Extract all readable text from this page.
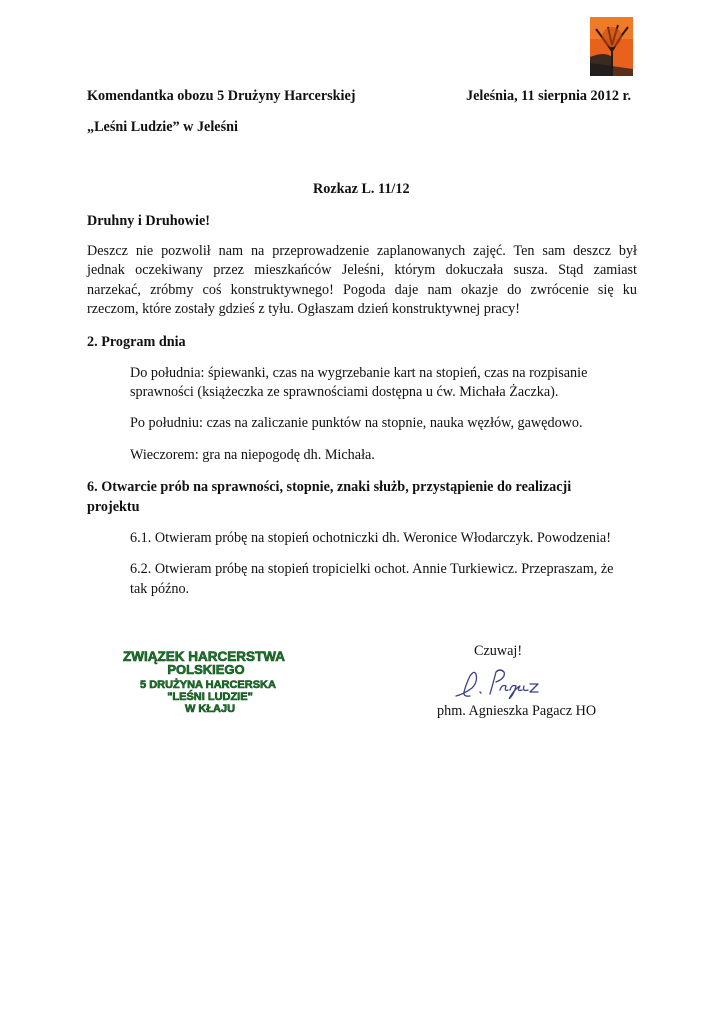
Komendantka obozu 5 Drużyny Harcerskiej	Jeleśnia, 11 sierpnia 2012 r.
„Leśni Ludzie” w Jeleśni
Rozkaz L. 11/12
Druhny i Druhowie!
Deszcz nie pozwolił nam na przeprowadzenie zaplanowanych zajęć. Ten sam deszcz był
jednak oczekiwany przez mieszkańców Jeleśni, którym dokuczała susza. Stąd zamiast
narzekać, zróbmy coś konstruktywnego! Pogoda daje nam okazje do zwrócenie się ku
rzeczom, które zostały gdzieś z tyłu. Ogłaszam dzień konstruktywnej pracy!
2. Program dnia
Do południa: śpiewanki, czas na wygrzebanie kart na stopień, czas na rozpisanie
sprawności (książeczka ze sprawnościami dostępna u ćw. Michała Żaczka).
Po południu: czas na zaliczanie punktów na stopnie, nauka węzłów, gawędowo.
Wieczorem: gra na niepogodę dh. Michała.
6. Otwarcie prób na sprawności, stopnie, znaki służb, przystąpienie do realizacji
projektu
6.1. Otwieram próbę na stopień ochotniczki dh. Weronice Włodarczyk. Powodzenia!
6.2. Otwieram próbę na stopień tropicielki ochot. Annie Turkiewicz. Przepraszam, że
tak późno.
ZWIĄZEK HARCERSTWA
POLSKIEGO
5 DRUŻYNA HARCERSKA
"LEŚNI LUDZIE"
W KŁAJU
Czuwaj!
phm. Agnieszka Pagacz HO
